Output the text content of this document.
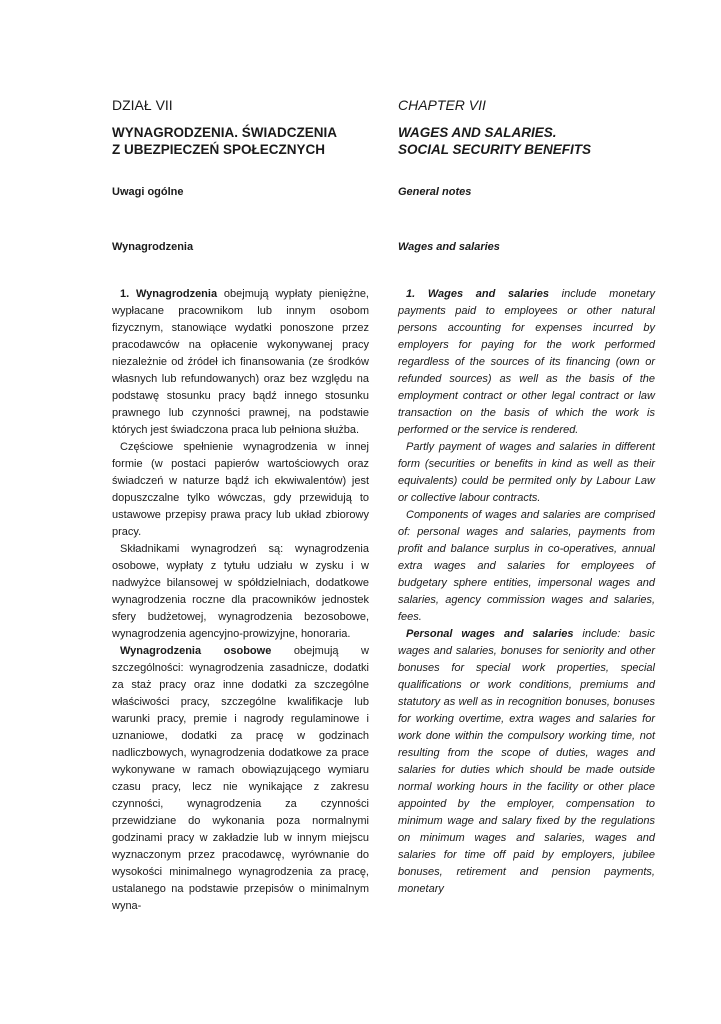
DZIAŁ VII
WYNAGRODZENIA. ŚWIADCZENIA
Z UBEZPIECZEŃ SPOŁECZNYCH
Uwagi ogólne
Wynagrodzenia

1. Wynagrodzenia obejmują wypłaty pieniężne, wypłacane pracownikom lub innym osobom fizycznym, stanowiące wydatki ponoszone przez pracodawców na opłacenie wykonywanej pracy niezależnie od źródeł ich finansowania (ze środków własnych lub refundowanych) oraz bez względu na podstawę stosunku pracy bądź innego stosunku prawnego lub czynności prawnej, na podstawie których jest świadczona praca lub pełniona służba.

Częściowe spełnienie wynagrodzenia w innej formie (w postaci papierów wartościowych oraz świadczeń w naturze bądź ich ekwiwalentów) jest dopuszczalne tylko wówczas, gdy przewidują to ustawowe przepisy prawa pracy lub układ zbiorowy pracy.

Składnikami wynagrodzeń są: wynagrodzenia osobowe, wypłaty z tytułu udziału w zysku i w nadwyżce bilansowej w spółdzielniach, dodatkowe wynagrodzenia roczne dla pracowników jednostek sfery budżetowej, wynagrodzenia bezosobowe, wynagrodzenia agencyjno-prowizyjne, honoraria.

Wynagrodzenia osobowe obejmują w szczególności: wynagrodzenia zasadnicze, dodatki za staż pracy oraz inne dodatki za szczególne właściwości pracy, szczególne kwalifikacje lub warunki pracy, premie i nagrody regulaminowe i uznaniowe, dodatki za pracę w godzinach nadliczbowych, wynagrodzenia dodatkowe za prace wykonywane w ramach obowiązującego wymiaru czasu pracy, lecz nie wynikające z zakresu czynności, wynagrodzenia za czynności przewidziane do wykonania poza normalnymi godzinami pracy w zakładzie lub w innym miejscu wyznaczonym przez pracodawcę, wyrównanie do wysokości minimalnego wynagrodzenia za pracę, ustalanego na podstawie przepisów o minimalnym wyna-

CHAPTER VII
WAGES AND SALARIES.
SOCIAL SECURITY BENEFITS
General notes
Wages and salaries

1. Wages and salaries include monetary payments paid to employees or other natural persons accounting for expenses incurred by employers for paying for the work performed regardless of the sources of its financing (own or refunded sources) as well as the basis of the employment contract or other legal contract or law transaction on the basis of which the work is performed or the service is rendered.

Partly payment of wages and salaries in different form (securities or benefits in kind as well as their equivalents) could be permited only by Labour Law or collective labour contracts.

Components of wages and salaries are comprised of: personal wages and salaries, payments from profit and balance surplus in co-operatives, annual extra wages and salaries for employees of budgetary sphere entities, impersonal wages and salaries, agency commission wages and salaries, fees.

Personal wages and salaries include: basic wages and salaries, bonuses for seniority and other bonuses for special work properties, special qualifications or work conditions, premiums and statutory as well as in recognition bonuses, bonuses for working overtime, extra wages and salaries for work done within the compulsory working time, not resulting from the scope of duties, wages and salaries for duties which should be made outside normal working hours in the facility or other place appointed by the employer, compensation to minimum wage and salary fixed by the regulations on minimum wages and salaries, wages and salaries for time off paid by employers, jubilee bonuses, retirement and pension payments, monetary
